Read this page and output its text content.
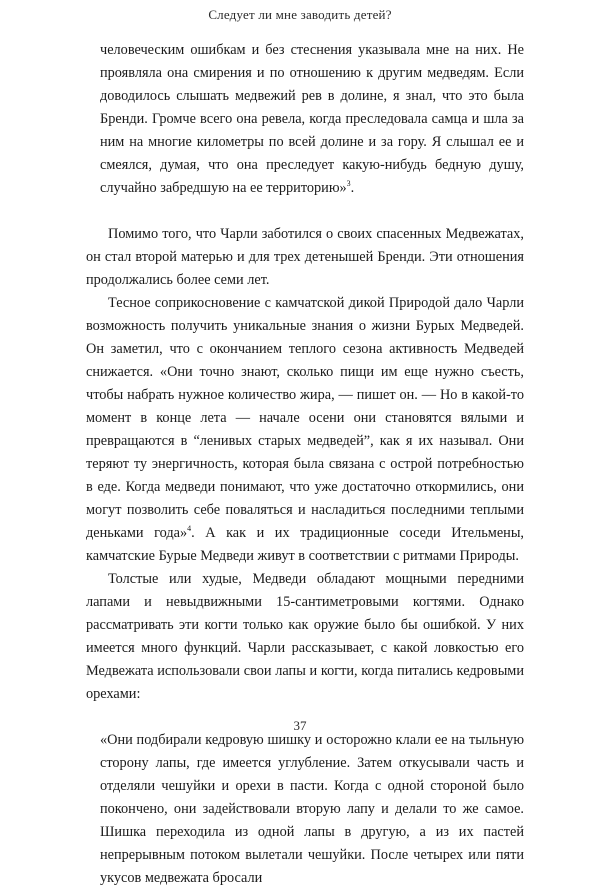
Следует ли мне заводить детей?

человеческим ошибкам и без стеснения указывала мне на них. Не проявляла она смирения и по отношению к другим медведям. Если доводилось слышать медвежий рев в долине, я знал, что это была Бренди. Громче всего она ревела, когда преследовала самца и шла за ним на многие километры по всей долине и за гору. Я слышал ее и смеялся, думая, что она преследует какую-нибудь бедную душу, случайно забредшую на ее территорию»$^3$.

Помимо того, что Чарли заботился о своих спасенных Медвежатах, он стал второй матерью и для трех детенышей Бренди. Эти отношения продолжались более семи лет.

Тесное соприкосновение с камчатской дикой Природой дало Чарли возможность получить уникальные знания о жизни Бурых Медведей. Он заметил, что с окончанием теплого сезона активность Медведей снижается. «Они точно знают, сколько пищи им еще нужно съесть, чтобы набрать нужное количество жира, — пишет он. — Но в какой-то момент в конце лета — начале осени они становятся вялыми и превращаются в “ленивых старых медведей”, как я их называл. Они теряют ту энергичность, которая была связана с острой потребностью в еде. Когда медведи понимают, что уже достаточно откормились, они могут позволить себе поваляться и насладиться последними теплыми деньками года»$^4$. А как и их традиционные соседи Ительмены, камчатские Бурые Медведи живут в соответствии с ритмами Природы.

Толстые или худые, Медведи обладают мощными передними лапами и невыдвижными 15-сантиметровыми когтями. Однако рассматривать эти когти только как оружие было бы ошибкой. У них имеется много функций. Чарли рассказывает, с какой ловкостью его Медвежата использовали свои лапы и когти, когда питались кедровыми орехами:

«Они подбирали кедровую шишку и осторожно клали ее на тыльную сторону лапы, где имеется углубление. Затем откусывали часть и отделяли чешуйки и орехи в пасти. Когда с одной стороной было покончено, они задействовали вторую лапу и делали то же самое. Шишка переходила из одной лапы в другую, а из их пастей непрерывным потоком вылетали чешуйки. После четырех или пяти укусов медвежата бросали

37
